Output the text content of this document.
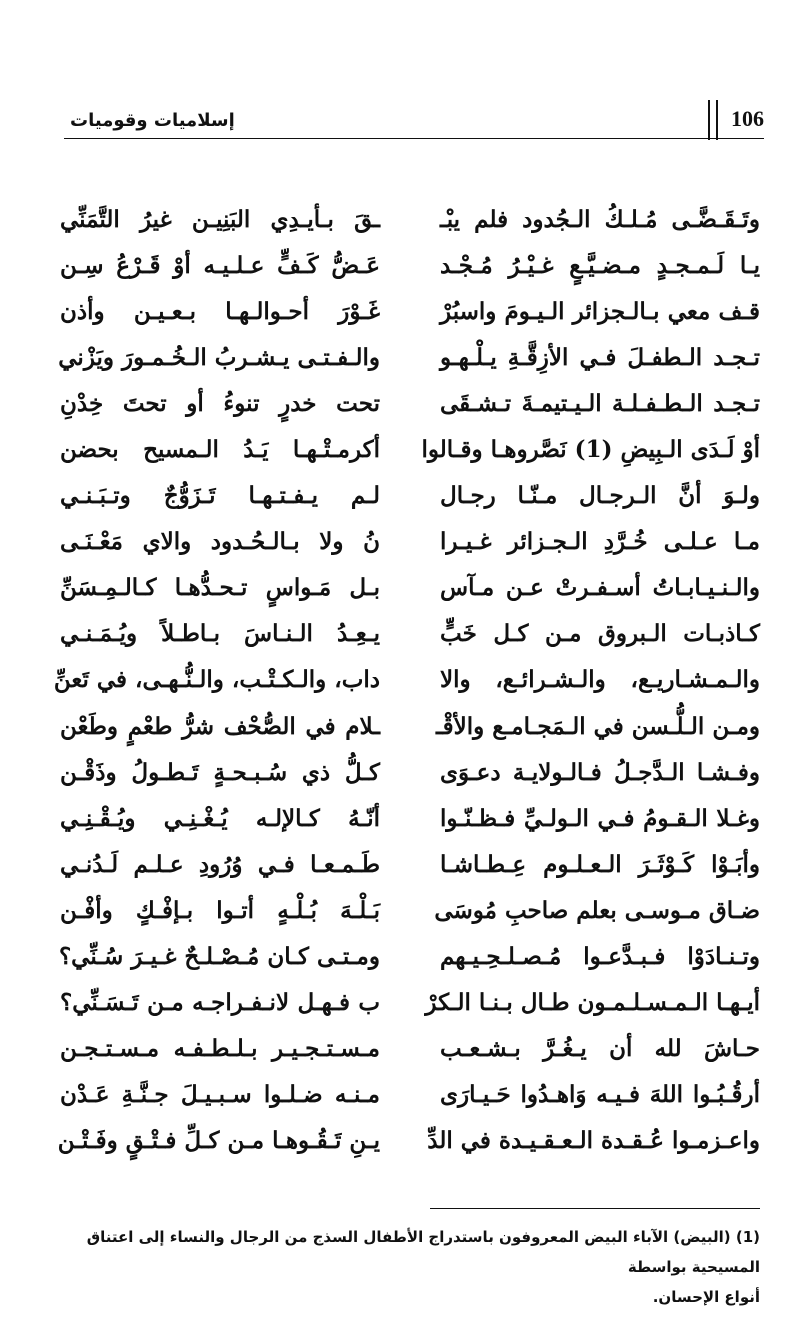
106
إسلاميات وقوميات
وتَـقَـضَّـى مُـلـكُ الـجُدود فلم يبْـ
ـقَ بـأيـدِي البَنِيـن غيرُ التَّمَنِّي
يـا لَـمـجـدٍ مـضـيَّـعٍ غـيْـرُ مُـجْـد
عَـضُّ كَـفٍّ عـلـيـه أوْ قَـرْعُ سِـن
قـف معي بـالـجزائر الـيـومَ واسبُرْ
غَـوْرَ أحـوالـهـا بـعـيـن وأذن
تـجـد الـطفـلَ فـي الأزِقَّـةِ يـلْـهـو
والـفـتـى يـشـربُ الـخُـمـورَ ويَزْني
تـجـد الـطـفـلـة الـيـتيمـةَ تـشـقَى
تحت خدرٍ تنوءُ أو تحتَ خِدْنِ
أوْ لَـدَى الـبِيضِ (1) نَصَّروهـا وقـالوا
أكرمـتْـهـا يَـدُ الـمسيح بحضن
ولـوَ أنَّ الـرجـال مـنّـا رجـال
لـم يـفـتـهـا تَـزَوُّجٌ وتـبَـنـي
مـا عـلـى خُـرَّدِ الـجـزائر غـيـرا
نُ ولا بـالـحُـدود والاي مَعْـنَـى
والـنـيـابـاتُ أسـفـرتْ عـن مـآس
بـل مَـواسٍ تـحـدُّهـا كـالـمِـسَنِّ
كـاذبـات الـبروق مـن كـل خَبٍّ
يـعِـدُ الـنـاسَ بـاطـلاً ويُـمَـنـي
والـمـشـاريـع، والـشـرائـع، والا
داب، والـكـتْـب، والـنُّـهـى، في تَعنِّ
ومـن الـلُّـسن في الـمَجـامـع والأقْـ
ـلام في الصُّحْف شرُّ طعْمٍ وطَعْن
وفـشـا الـدَّجـلُ فـالـولايـة دعـوَى
كـلُّ ذي سُـبـحـةٍ تَـطـولُ وذَقْـن
وغـلا الـقـومُ فـي الـولـيِّ فـظـنّـوا
أنّـهُ كـالإلـه يُـغْـنِـي ويُـقْـنِـي
وأبَـوْا كَـوْثَـرَ الـعـلـوم عِـطـاشـا
طَـمـعـا فـي وُرُودِ عـلـم لَـدُنـي
ضـاق مـوسـى بعلم صاحبِ مُوسَى
بَـلْـهَ بُـلْـهٍ أتـوا بـإفْـكٍ وأفْـن
وتـنـادَوْا فـبـدَّعـوا مُـصـلـحِـيـهم
ومـتـى كـان مُـصْـلـحٌ غـيـرَ سُـنِّي؟
أيـهـا الـمـسـلـمـون طـال بـنـا الـكرْ
ب فـهـل لانـفـراجـه مـن تَـسَـنِّي؟
حـاشَ لله أن يـغُـرَّ بـشـعـب
مـسـتـجـيـر بـلـطـفـه مـسـتـجـن
أرقُـبُـوا اللهَ فـيـه وَاهـدُوا حَـيـارَى
مـنـه ضـلـوا سـبـيـلَ جـنَّـةِ عَـدْن
واعـزمـوا عُـقـدة الـعـقـيـدة في الدِّ
يـنِ تَـقُـوهـا مـن كـلِّ فـتْـقٍ وفَـتْـن
(1) (البيض) الآباء البيض المعروفون باستدراج الأطفال السذج من الرجال والنساء إلى اعتناق المسيحية بواسطة
أنواع الإحسان.
